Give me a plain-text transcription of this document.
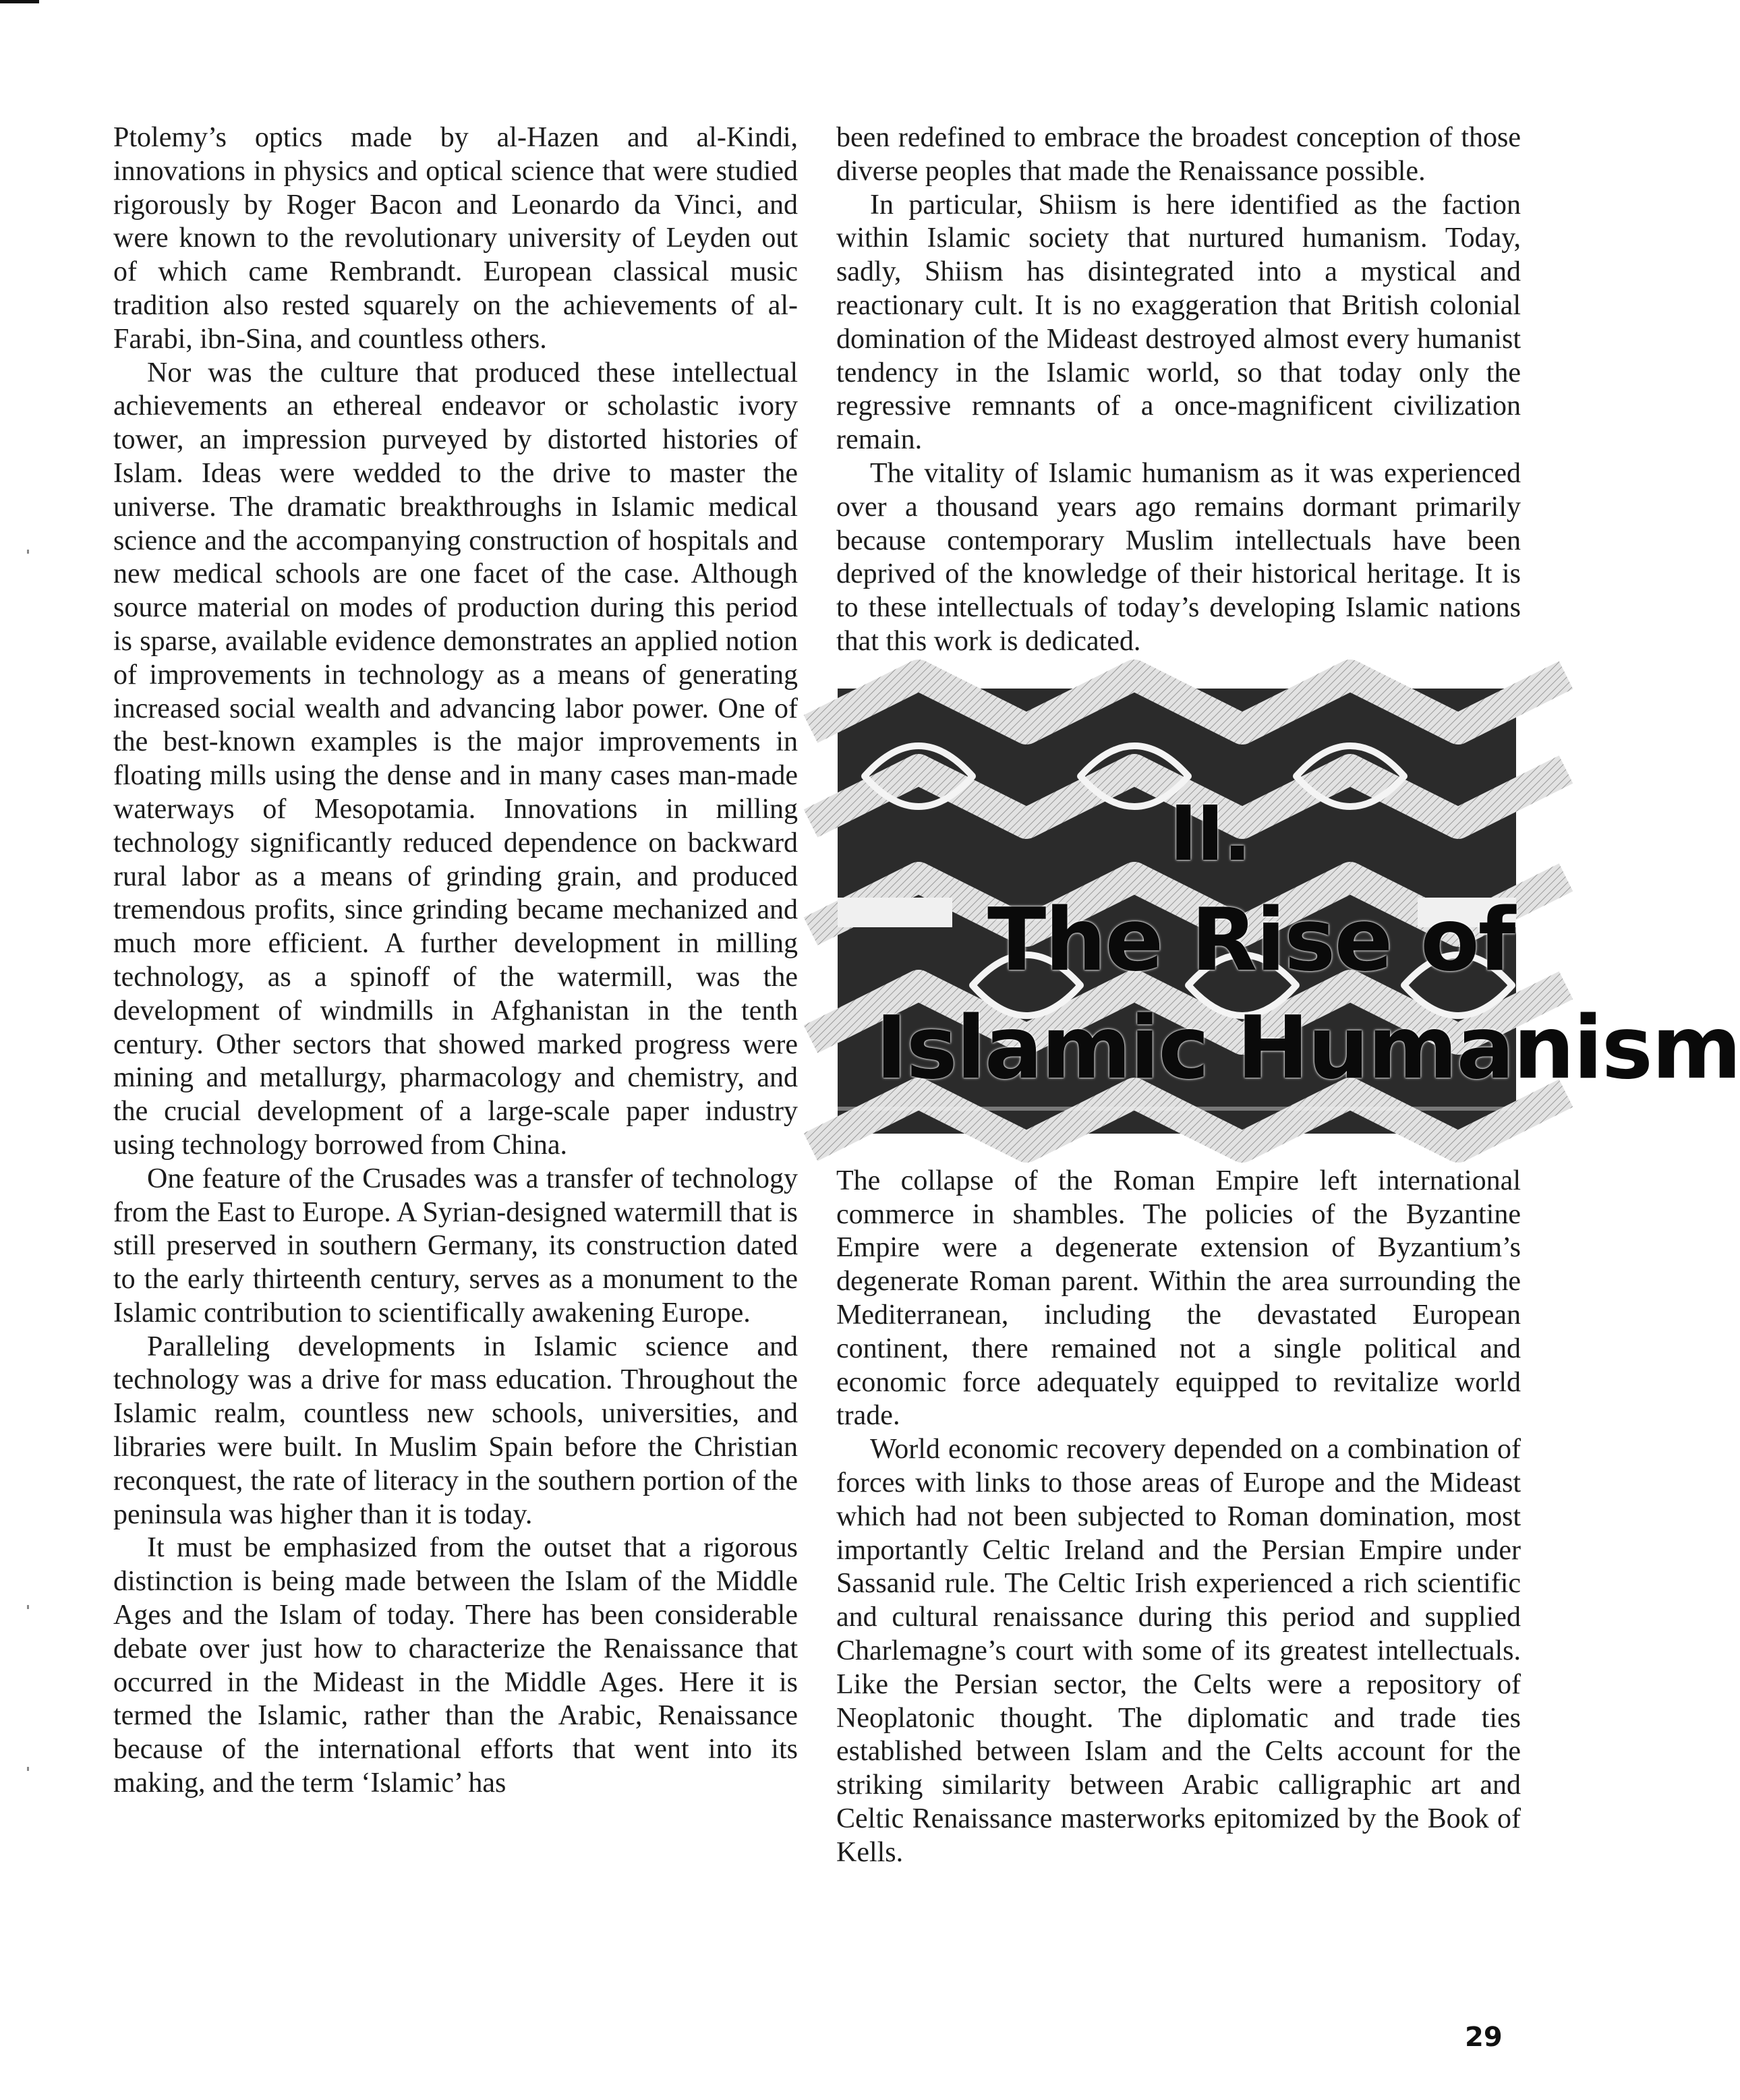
Ptolemy’s optics made by al-Hazen and al-Kindi, innovations in physics and optical science that were studied rigorously by Roger Bacon and Leonardo da Vinci, and were known to the revolutionary university of Leyden out of which came Rembrandt. European classical music tradition also rested squarely on the achievements of al-Farabi, ibn-Sina, and countless others.

Nor was the culture that produced these intellectual achievements an ethereal endeavor or scholastic ivory tower, an impression purveyed by distorted histories of Islam. Ideas were wedded to the drive to master the universe. The dramatic breakthroughs in Islamic medical science and the accompanying construction of hospitals and new medical schools are one facet of the case. Although source material on modes of production during this period is sparse, available evidence demonstrates an applied notion of improvements in technology as a means of generating increased social wealth and advancing labor power. One of the best-known examples is the major improvements in floating mills using the dense and in many cases man-made waterways of Mesopotamia. Innovations in milling technology significantly reduced dependence on backward rural labor as a means of grinding grain, and produced tremendous profits, since grinding became mechanized and much more efficient. A further development in milling technology, as a spinoff of the watermill, was the development of windmills in Afghanistan in the tenth century. Other sectors that showed marked progress were mining and metallurgy, pharmacology and chemistry, and the crucial development of a large-scale paper industry using technology borrowed from China.

One feature of the Crusades was a transfer of technology from the East to Europe. A Syrian-designed watermill that is still preserved in southern Germany, its construction dated to the early thirteenth century, serves as a monument to the Islamic contribution to scientifically awakening Europe.

Paralleling developments in Islamic science and technology was a drive for mass education. Throughout the Islamic realm, countless new schools, universities, and libraries were built. In Muslim Spain before the Christian reconquest, the rate of literacy in the southern portion of the peninsula was higher than it is today.

It must be emphasized from the outset that a rigorous distinction is being made between the Islam of the Middle Ages and the Islam of today. There has been considerable debate over just how to characterize the Renaissance that occurred in the Mideast in the Middle Ages. Here it is termed the Islamic, rather than the Arabic, Renaissance because of the international efforts that went into its making, and the term ‘Islamic’ has

been redefined to embrace the broadest conception of those diverse peoples that made the Renaissance possible.

In particular, Shiism is here identified as the faction within Islamic society that nurtured humanism. Today, sadly, Shiism has disintegrated into a mystical and reactionary cult. It is no exaggeration that British colonial domination of the Mideast destroyed almost every humanist tendency in the Islamic world, so that today only the regressive remnants of a once-magnificent civilization remain.

The vitality of Islamic humanism as it was experienced over a thousand years ago remains dormant primarily because contemporary Muslim intellectuals have been deprived of the knowledge of their historical heritage. It is to these intellectuals of today’s developing Islamic nations that this work is dedicated.

II.
The Rise of
Islamic Humanism

The collapse of the Roman Empire left international commerce in shambles. The policies of the Byzantine Empire were a degenerate extension of Byzantium’s degenerate Roman parent. Within the area surrounding the Mediterranean, including the devastated European continent, there remained not a single political and economic force adequately equipped to revitalize world trade.

World economic recovery depended on a combination of forces with links to those areas of Europe and the Mideast which had not been subjected to Roman domination, most importantly Celtic Ireland and the Persian Empire under Sassanid rule. The Celtic Irish experienced a rich scientific and cultural renaissance during this period and supplied Charlemagne’s court with some of its greatest intellectuals. Like the Persian sector, the Celts were a repository of Neoplatonic thought. The diplomatic and trade ties established between Islam and the Celts account for the striking similarity between Arabic calligraphic art and Celtic Renaissance masterworks epitomized by the Book of Kells.

29
